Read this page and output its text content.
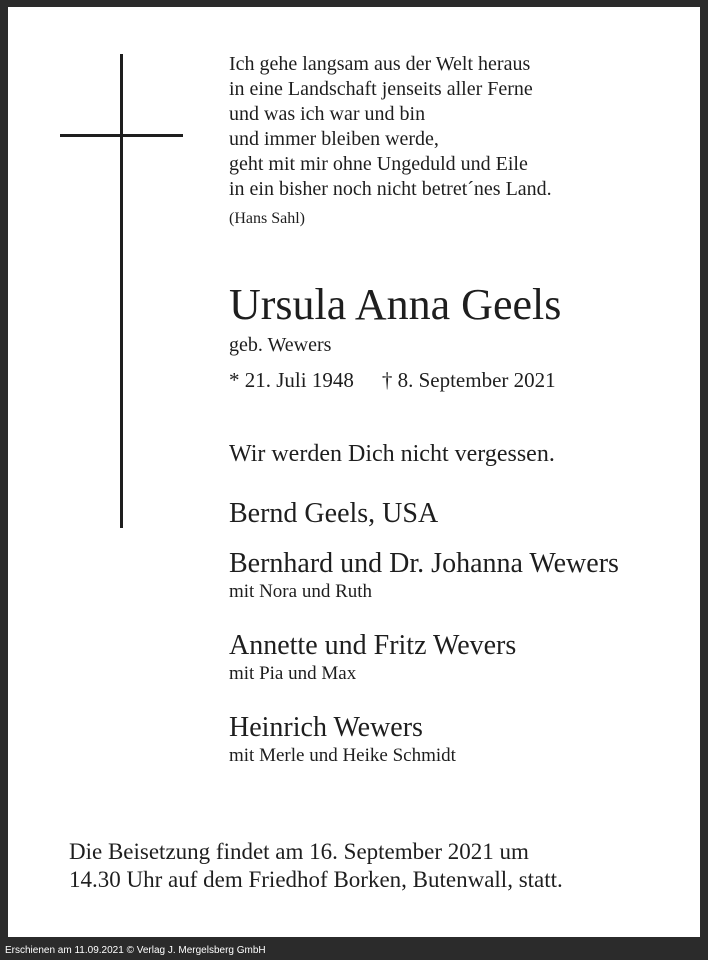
Ich gehe langsam aus der Welt heraus
in eine Landschaft jenseits aller Ferne
und was ich war und bin
und immer bleiben werde,
geht mit mir ohne Ungeduld und Eile
in ein bisher noch nicht betret´nes Land.
(Hans Sahl)
Ursula Anna Geels
geb. Wewers
* 21. Juli 1948 † 8. September 2021
Wir werden Dich nicht vergessen.
Bernd Geels, USA
Bernhard und Dr. Johanna Wewers
mit Nora und Ruth
Annette und Fritz Wevers
mit Pia und Max
Heinrich Wewers
mit Merle und Heike Schmidt
Die Beisetzung findet am 16. September 2021 um
14.30 Uhr auf dem Friedhof Borken, Butenwall, statt.
Erschienen am 11.09.2021 © Verlag J. Mergelsberg GmbH
